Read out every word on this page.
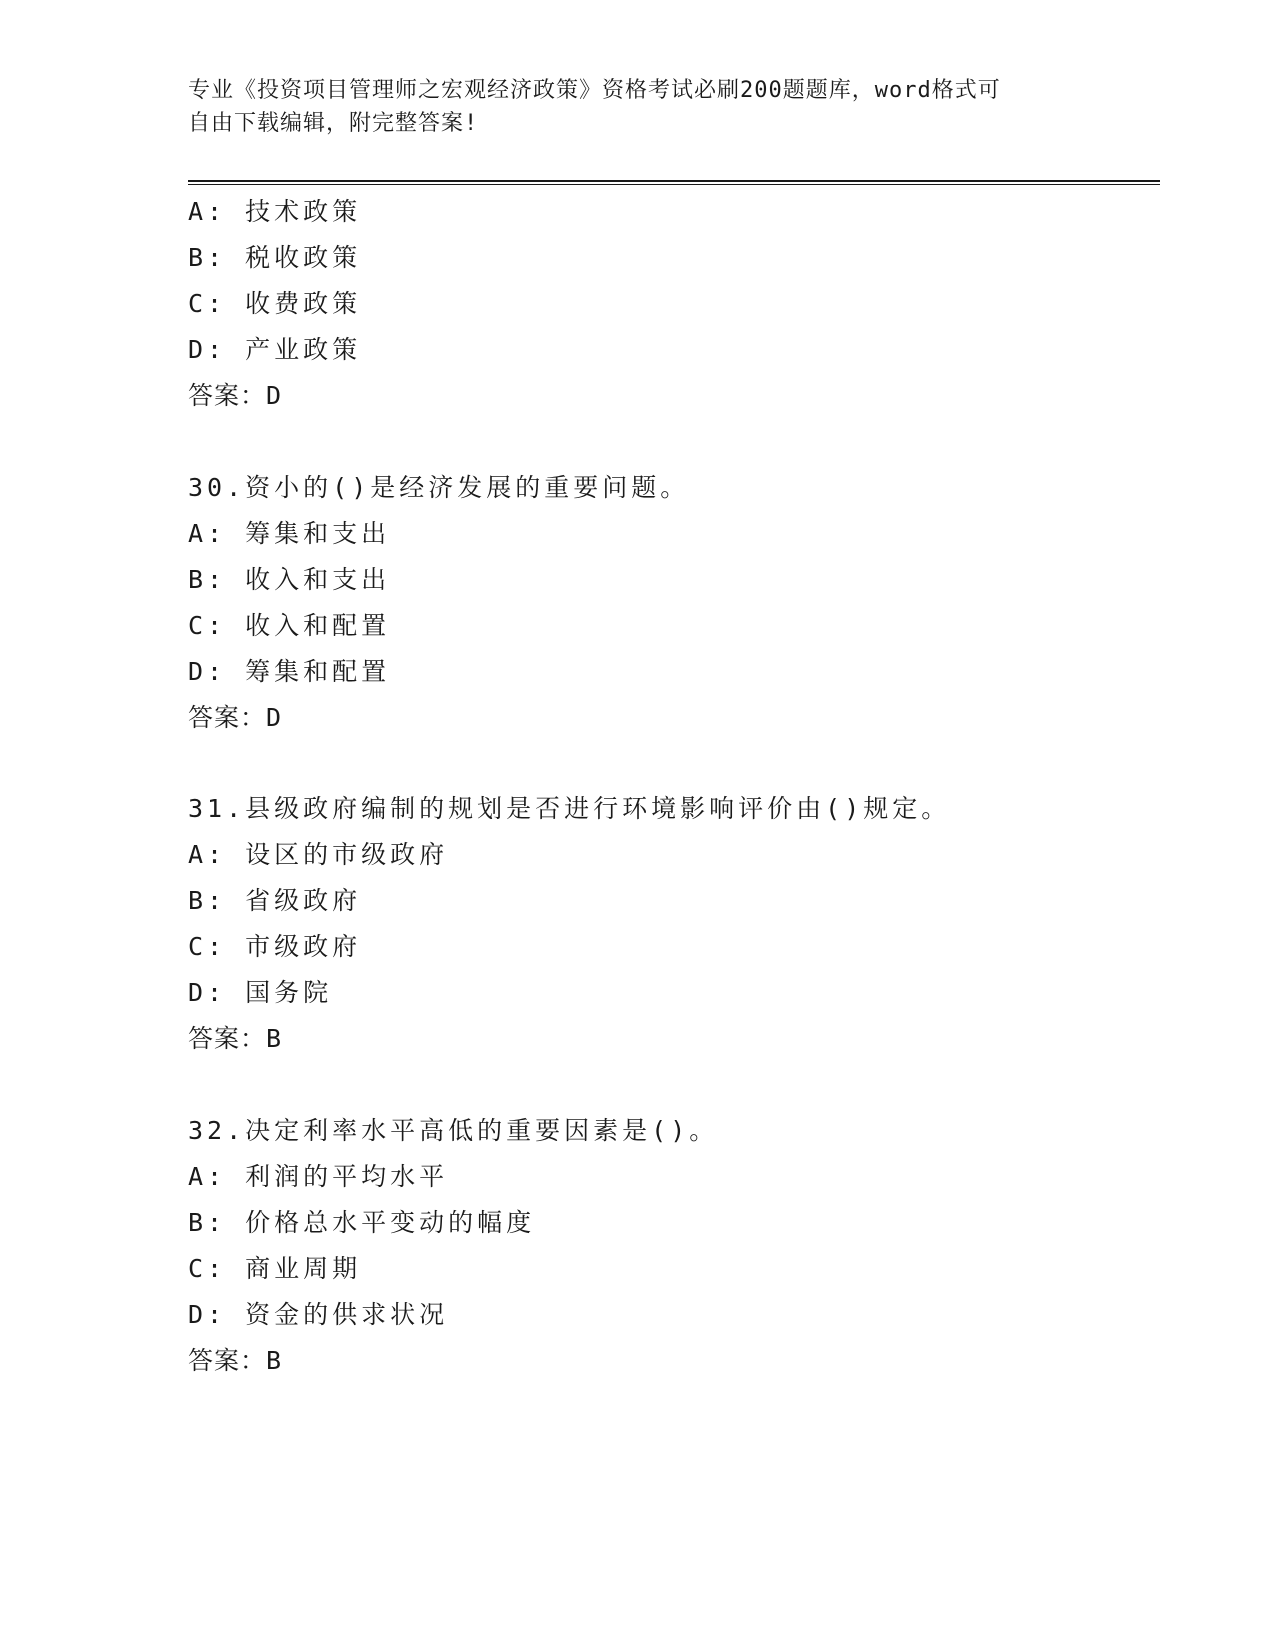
专业《投资项目管理师之宏观经济政策》资格考试必刷200题题库，word格式可
自由下载编辑，附完整答案!
A: 技术政策
B: 税收政策
C: 收费政策
D: 产业政策
答案：D
30.资小的()是经济发展的重要问题。
A: 筹集和支出
B: 收入和支出
C: 收入和配置
D: 筹集和配置
答案：D
31.县级政府编制的规划是否进行环境影响评价由()规定。
A: 设区的市级政府
B: 省级政府
C: 市级政府
D: 国务院
答案：B
32.决定利率水平高低的重要因素是()。
A: 利润的平均水平
B: 价格总水平变动的幅度
C: 商业周期
D: 资金的供求状况
答案：B
